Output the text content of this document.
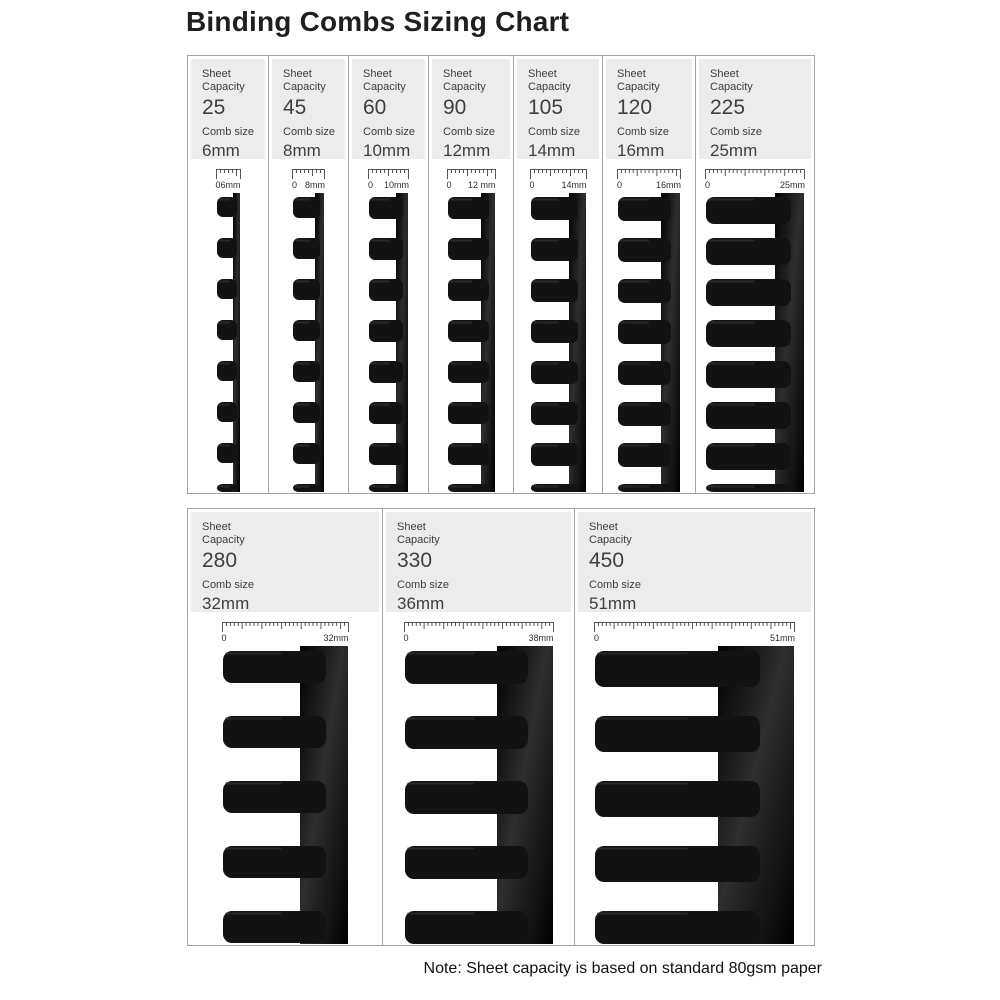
Binding Combs Sizing Chart
Sheet
Capacity
25
Comb size
6mm
0 6mm
Sheet
Capacity
45
Comb size
8mm
0 8mm
Sheet
Capacity
60
Comb size
10mm
0 10mm
Sheet
Capacity
90
Comb size
12mm
0 12 mm
Sheet
Capacity
105
Comb size
14mm
0	14mm
Sheet
Capacity
120
Comb size
16mm
0	16mm
Sheet
Capacity
225
Comb size
25mm
0	25mm
Sheet
Capacity
280
Comb size
32mm
0	32mm
Sheet
Capacity
330
Comb size
36mm
0	38mm
Sheet
Capacity
450
Comb size
51mm
0	51mm
Note: Sheet capacity is based on standard 80gsm paper
